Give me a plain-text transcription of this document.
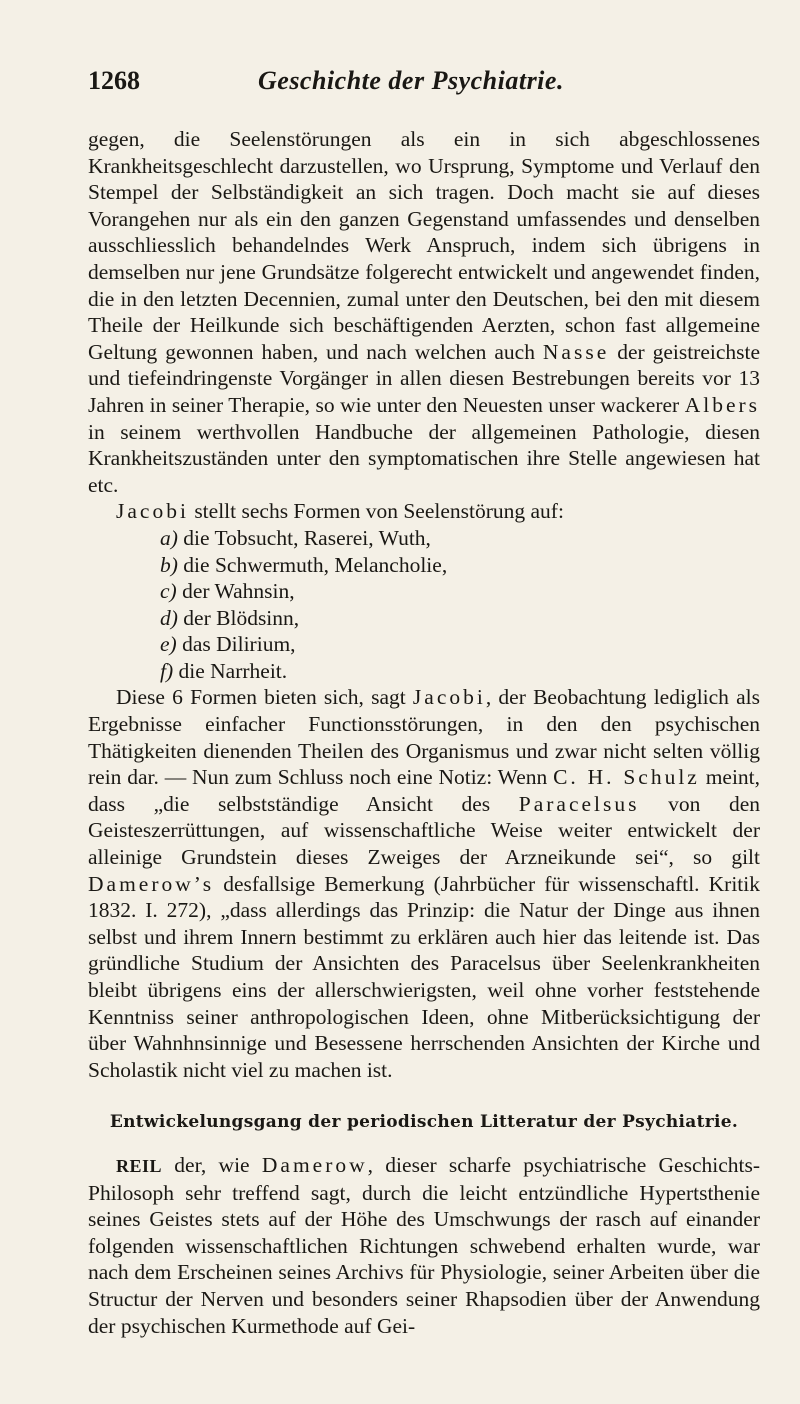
1268	Geschichte der Psychiatrie.

gegen, die Seelenstörungen als ein in sich abgeschlossenes Krankheitsgeschlecht darzustellen, wo Ursprung, Symptome und Verlauf den Stempel der Selbständigkeit an sich tragen. Doch macht sie auf dieses Vorangehen nur als ein den ganzen Gegenstand umfassendes und denselben ausschliesslich behandelndes Werk Anspruch, indem sich übrigens in demselben nur jene Grundsätze folgerecht entwickelt und angewendet finden, die in den letzten Decennien, zumal unter den Deutschen, bei den mit diesem Theile der Heilkunde sich beschäftigenden Aerzten, schon fast allgemeine Geltung gewonnen haben, und nach welchen auch Nasse der geistreichste und tiefeindringenste Vorgänger in allen diesen Bestrebungen bereits vor 13 Jahren in seiner Therapie, so wie unter den Neuesten unser wackerer Albers in seinem werthvollen Handbuche der allgemeinen Pathologie, diesen Krankheitszuständen unter den symptomatischen ihre Stelle angewiesen hat etc.

Jacobi stellt sechs Formen von Seelenstörung auf:

a) die Tobsucht, Raserei, Wuth,
b) die Schwermuth, Melancholie,
c) der Wahnsin,
d) der Blödsinn,
e) das Dilirium,
f) die Narrheit.

Diese 6 Formen bieten sich, sagt Jacobi, der Beobachtung lediglich als Ergebnisse einfacher Functionsstörungen, in den den psychischen Thätigkeiten dienenden Theilen des Organismus und zwar nicht selten völlig rein dar. — Nun zum Schluss noch eine Notiz: Wenn C. H. Schulz meint, dass „die selbstständige Ansicht des Paracelsus von den Geisteszerrüttungen, auf wissenschaftliche Weise weiter entwickelt der alleinige Grundstein dieses Zweiges der Arzneikunde sei“, so gilt Damerow’s desfallsige Bemerkung (Jahrbücher für wissenschaftl. Kritik 1832. I. 272), „dass allerdings das Prinzip: die Natur der Dinge aus ihnen selbst und ihrem Innern bestimmt zu erklären auch hier das leitende ist. Das gründliche Studium der Ansichten des Paracelsus über Seelenkrankheiten bleibt übrigens eins der allerschwierigsten, weil ohne vorher feststehende Kenntniss seiner anthropologischen Ideen, ohne Mitberücksichtigung der über Wahnhnsinnige und Besessene herrschenden Ansichten der Kirche und Scholastik nicht viel zu machen ist.

Entwickelungsgang der periodischen Litteratur der Psychiatrie.

REIL der, wie Damerow, dieser scharfe psychiatrische Geschichts-Philosoph sehr treffend sagt, durch die leicht entzündliche Hypertsthenie seines Geistes stets auf der Höhe des Umschwungs der rasch auf einander folgenden wissenschaftlichen Richtungen schwebend erhalten wurde, war nach dem Erscheinen seines Archivs für Physiologie, seiner Arbeiten über die Structur der Nerven und besonders seiner Rhapsodien über der Anwendung der psychischen Kurmethode auf Gei-
